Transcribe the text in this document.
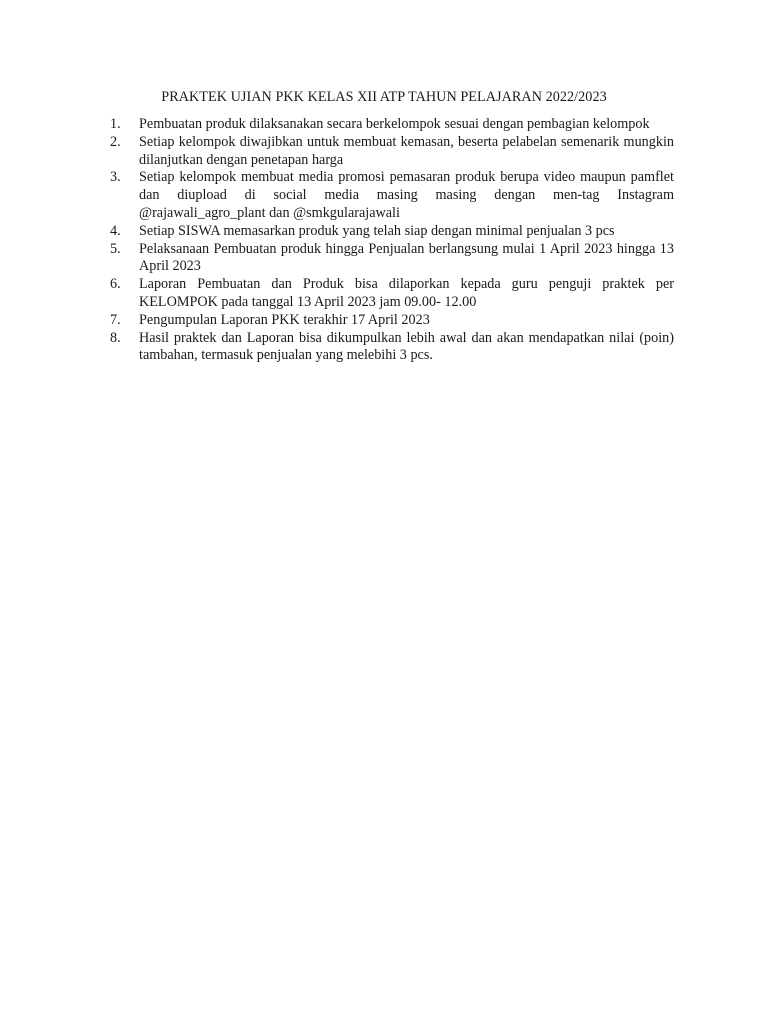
PRAKTEK UJIAN PKK KELAS XII ATP TAHUN PELAJARAN 2022/2023
1.	Pembuatan produk dilaksanakan secara berkelompok sesuai dengan pembagian kelompok
2.	Setiap kelompok diwajibkan untuk membuat kemasan, beserta pelabelan semenarik mungkin dilanjutkan dengan penetapan harga
3.	Setiap kelompok membuat media promosi pemasaran produk berupa video maupun pamflet dan diupload di social media masing masing dengan men-tag Instagram @rajawali_agro_plant dan @smkgularajawali
4.	Setiap SISWA memasarkan produk yang telah siap dengan minimal penjualan 3 pcs
5.	Pelaksanaan Pembuatan produk hingga Penjualan berlangsung mulai 1 April 2023 hingga 13 April 2023
6.	Laporan Pembuatan dan Produk bisa dilaporkan kepada guru penguji praktek per KELOMPOK pada tanggal 13 April 2023 jam 09.00- 12.00
7.	Pengumpulan Laporan PKK terakhir 17 April 2023
8.	Hasil praktek dan Laporan bisa dikumpulkan lebih awal dan akan mendapatkan nilai (poin) tambahan, termasuk penjualan yang melebihi 3 pcs.
